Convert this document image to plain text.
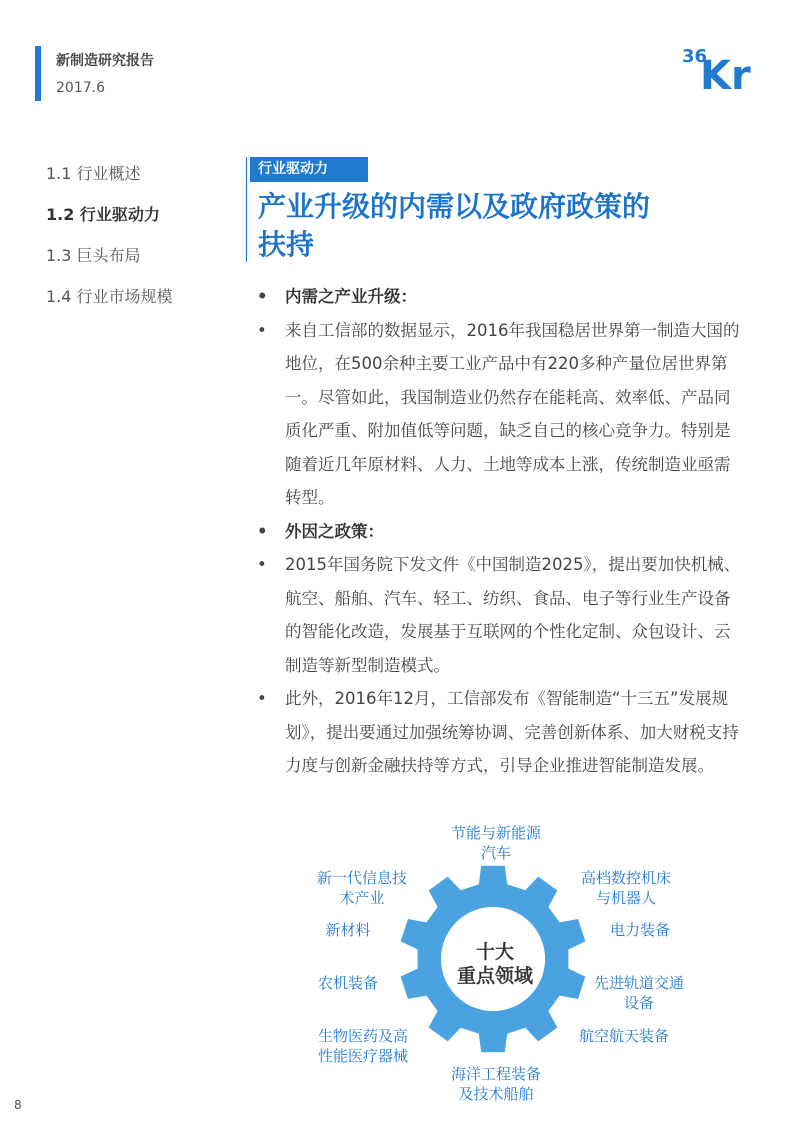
新制造研究报告
2017.6
36
Kr
1.1 行业概述
1.2 行业驱动力
1.3 巨头布局
1.4 行业市场规模
行业驱动力
产业升级的内需以及政府政策的
扶持
• 内需之产业升级：
• 来自工信部的数据显示，2016年我国稳居世界第一制造大国的地位，在500余种主要工业产品中有220多种产量位居世界第一。尽管如此，我国制造业仍然存在能耗高、效率低、产品同质化严重、附加值低等问题，缺乏自己的核心竞争力。特别是随着近几年原材料、人力、土地等成本上涨，传统制造业亟需转型。
• 外因之政策：
• 2015年国务院下发文件《中国制造2025》，提出要加快机械、航空、船舶、汽车、轻工、纺织、食品、电子等行业生产设备的智能化改造，发展基于互联网的个性化定制、众包设计、云制造等新型制造模式。
• 此外，2016年12月，工信部发布《智能制造“十三五”发展规划》，提出要通过加强统筹协调、完善创新体系、加大财税支持力度与创新金融扶持等方式，引导企业推进智能制造发展。
十大
重点领域
节能与新能源
汽车
高档数控机床
与机器人
电力装备
先进轨道交通
设备
航空航天装备
海洋工程装备
及技术船舶
生物医药及高
性能医疗器械
农机装备
新材料
新一代信息技
术产业
8
